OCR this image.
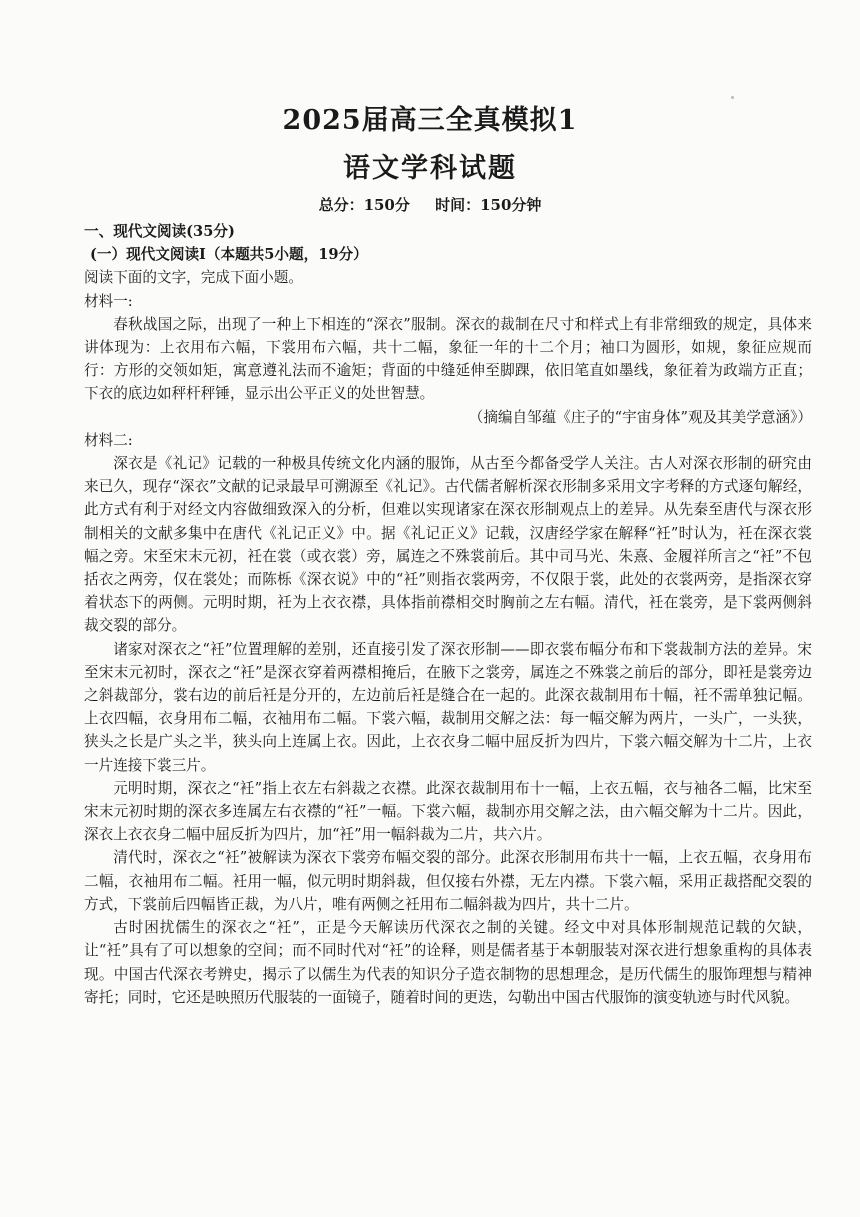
2025届高三全真模拟1
语文学科试题
总分：150分 时间：150分钟

一、现代文阅读(35分)

(一）现代文阅读Ⅰ（本题共5小题，19分）

阅读下面的文字，完成下面小题。

材料一:

春秋战国之际，出现了一种上下相连的“深衣”服制。深衣的裁制在尺寸和样式上有非常细致的规定，具体来讲体现为：上衣用布六幅，下裳用布六幅，共十二幅，象征一年的十二个月；袖口为圆形，如规，象征应规而行：方形的交领如矩，寓意遵礼法而不逾矩；背面的中缝延伸至脚踝，依旧笔直如墨线，象征着为政端方正直；下衣的底边如秤杆秤锤，显示出公平正义的处世智慧。

（摘编自邹蕴《庄子的“宇宙身体”观及其美学意涵》）

材料二:

深衣是《礼记》记载的一种极具传统文化内涵的服饰，从古至今都备受学人关注。古人对深衣形制的研究由来已久，现存“深衣”文献的记录最早可溯源至《礼记》。古代儒者解析深衣形制多采用文字考释的方式逐句解经，此方式有利于对经文内容做细致深入的分析，但难以实现诸家在深衣形制观点上的差异。从先秦至唐代与深衣形制相关的文献多集中在唐代《礼记正义》中。据《礼记正义》记载，汉唐经学家在解释“衽”时认为，衽在深衣裳幅之旁。宋至宋末元初，衽在裳（或衣裳）旁，属连之不殊裳前后。其中司马光、朱熹、金履祥所言之“衽”不包括衣之两旁，仅在裳处；而陈栎《深衣说》中的“衽”则指衣裳两旁，不仅限于裳，此处的衣裳两旁，是指深衣穿着状态下的两侧。元明时期，衽为上衣衣襟，具体指前襟相交时胸前之左右幅。清代，衽在裳旁，是下裳两侧斜裁交裂的部分。

诸家对深衣之“衽”位置理解的差别，还直接引发了深衣形制——即衣裳布幅分布和下裳裁制方法的差异。宋至宋末元初时，深衣之“衽”是深衣穿着两襟相掩后，在腋下之裳旁，属连之不殊裳之前后的部分，即衽是裳旁边之斜裁部分，裳右边的前后衽是分开的，左边前后衽是缝合在一起的。此深衣裁制用布十幅，衽不需单独记幅。上衣四幅，衣身用布二幅，衣袖用布二幅。下裳六幅，裁制用交解之法：每一幅交解为两片，一头广，一头狭，狭头之长是广头之半，狭头向上连属上衣。因此，上衣衣身二幅中屈反折为四片，下裳六幅交解为十二片，上衣一片连接下裳三片。

元明时期，深衣之“衽”指上衣左右斜裁之衣襟。此深衣裁制用布十一幅，上衣五幅，衣与袖各二幅，比宋至宋末元初时期的深衣多连属左右衣襟的“衽”一幅。下裳六幅，裁制亦用交解之法，由六幅交解为十二片。因此，深衣上衣衣身二幅中屈反折为四片，加“衽”用一幅斜裁为二片，共六片。

清代时，深衣之“衽”被解读为深衣下裳旁布幅交裂的部分。此深衣形制用布共十一幅，上衣五幅，衣身用布二幅，衣袖用布二幅。衽用一幅，似元明时期斜裁，但仅接右外襟，无左内襟。下裳六幅，采用正裁搭配交裂的方式，下裳前后四幅皆正裁，为八片，唯有两侧之衽用布二幅斜裁为四片，共十二片。

古时困扰儒生的深衣之“衽”，正是今天解读历代深衣之制的关键。经文中对具体形制规范记载的欠缺，让“衽”具有了可以想象的空间；而不同时代对“衽”的诠释，则是儒者基于本朝服装对深衣进行想象重构的具体表现。中国古代深衣考辨史，揭示了以儒生为代表的知识分子造衣制物的思想理念，是历代儒生的服饰理想与精神寄托；同时，它还是映照历代服装的一面镜子，随着时间的更迭，勾勒出中国古代服饰的演变轨迹与时代风貌。
